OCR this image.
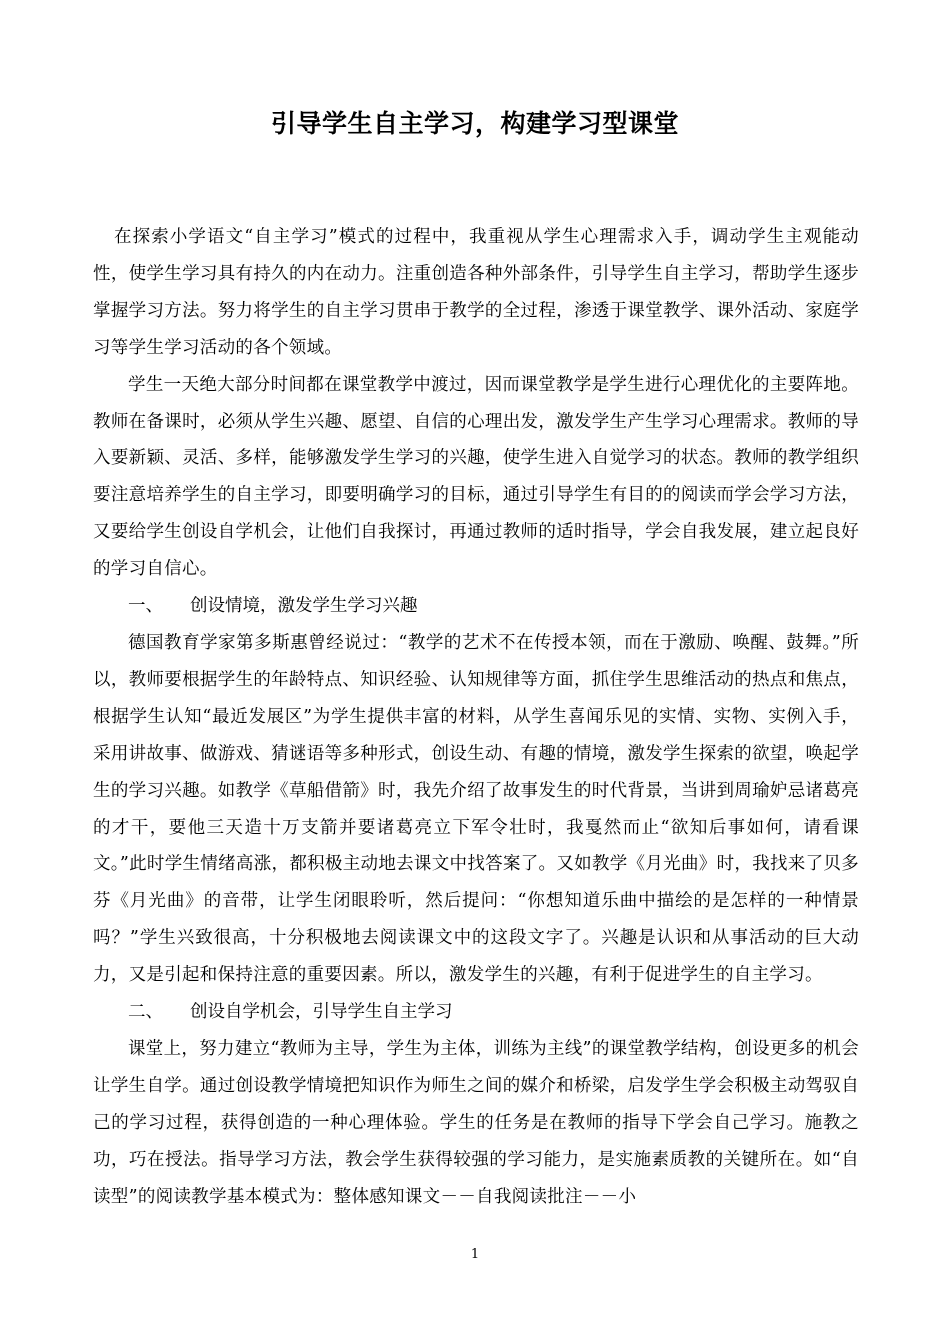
引导学生自主学习，构建学习型课堂

在探索小学语文“自主学习”模式的过程中，我重视从学生心理需求入手，调动学生主观能动性，使学生学习具有持久的内在动力。注重创造各种外部条件，引导学生自主学习，帮助学生逐步掌握学习方法。努力将学生的自主学习贯串于教学的全过程，渗透于课堂教学、课外活动、家庭学习等学生学习活动的各个领域。

学生一天绝大部分时间都在课堂教学中渡过，因而课堂教学是学生进行心理优化的主要阵地。教师在备课时，必须从学生兴趣、愿望、自信的心理出发，激发学生产生学习心理需求。教师的导入要新颖、灵活、多样，能够激发学生学习的兴趣，使学生进入自觉学习的状态。教师的教学组织要注意培养学生的自主学习，即要明确学习的目标，通过引导学生有目的的阅读而学会学习方法，又要给学生创设自学机会，让他们自我探讨，再通过教师的适时指导，学会自我发展，建立起良好的学习自信心。

一、 创设情境，激发学生学习兴趣

德国教育学家第多斯惠曾经说过：“教学的艺术不在传授本领，而在于激励、唤醒、鼓舞。”所以，教师要根据学生的年龄特点、知识经验、认知规律等方面，抓住学生思维活动的热点和焦点，根据学生认知“最近发展区”为学生提供丰富的材料，从学生喜闻乐见的实情、实物、实例入手，采用讲故事、做游戏、猜谜语等多种形式，创设生动、有趣的情境，激发学生探索的欲望，唤起学生的学习兴趣。如教学《草船借箭》时，我先介绍了故事发生的时代背景，当讲到周瑜妒忌诸葛亮的才干，要他三天造十万支箭并要诸葛亮立下军令壮时，我戛然而止“欲知后事如何，请看课文。”此时学生情绪高涨，都积极主动地去课文中找答案了。又如教学《月光曲》时，我找来了贝多芬《月光曲》的音带，让学生闭眼聆听，然后提问：“你想知道乐曲中描绘的是怎样的一种情景吗？”学生兴致很高，十分积极地去阅读课文中的这段文字了。兴趣是认识和从事活动的巨大动力，又是引起和保持注意的重要因素。所以，激发学生的兴趣，有利于促进学生的自主学习。

二、 创设自学机会，引导学生自主学习

课堂上，努力建立“教师为主导，学生为主体，训练为主线”的课堂教学结构，创设更多的机会让学生自学。通过创设教学情境把知识作为师生之间的媒介和桥梁，启发学生学会积极主动驾驭自己的学习过程，获得创造的一种心理体验。学生的任务是在教师的指导下学会自己学习。施教之功，巧在授法。指导学习方法，教会学生获得较强的学习能力，是实施素质教的关键所在。如“自读型”的阅读教学基本模式为：整体感知课文－－自我阅读批注－－小

1
